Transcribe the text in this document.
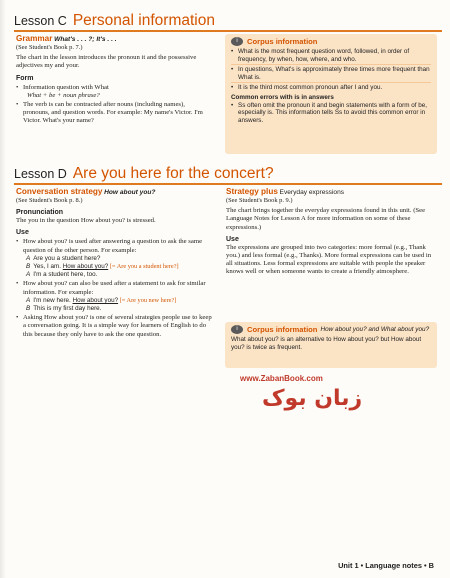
Lesson C Personal information
Grammar What's . . . ?; It's . . .
(See Student's Book p. 7.)
The chart in the lesson introduces the pronoun it and the possessive adjectives my and your.
Form
• Information question with What
What + be + noun phrase?
• The verb is can be contracted after nouns (including names), pronouns, and question words. For example: My name's Victor. I'm Victor. What's your name?
i	Corpus information
• What is the most frequent question word, followed, in order of frequency, by when, how, where, and who.
• In questions, What's is approximately three times more frequent than What is.
• It is the third most common pronoun after I and you.
Common errors with is in answers
• Ss often omit the pronoun it and begin statements with a form of be, especially is. This information tells Ss to avoid this common error in answers.
Lesson D Are you here for the concert?
Conversation strategy How about you?
(See Student's Book p. 8.)
Pronunciation
The you in the question How about you? is stressed.
Use
• How about you? is used after answering a question to ask the same question of the other person. For example:
A Are you a student here?
B Yes, I am. How about you? [= Are you a student here?]
A I'm a student here, too.
• How about you? can also be used after a statement to ask for similar information. For example:
A I'm new here. How about you? [= Are you new here?]
B This is my first day here.
• Asking How about you? is one of several strategies people use to keep a conversation going. It is a simple way for learners of English to do this because they only have to ask the one question.
Strategy plus Everyday expressions
(See Student's Book p. 9.)
The chart brings together the everyday expressions found in this unit. (See Language Notes for Lesson A for more information on some of these expressions.)
Use
The expressions are grouped into two categories: more formal (e.g., Thank you.) and less formal (e.g., Thanks). More formal expressions can be used in all situations. Less formal expressions are suitable with people the speaker knows well or when someone wants to create a friendly atmosphere.
i	Corpus information How about you? and What about you?
What about you? is an alternative to How about you? but How about you? is twice as frequent.
www.ZabanBook.com
زبان بوک
Unit 1 • Language notes • B
